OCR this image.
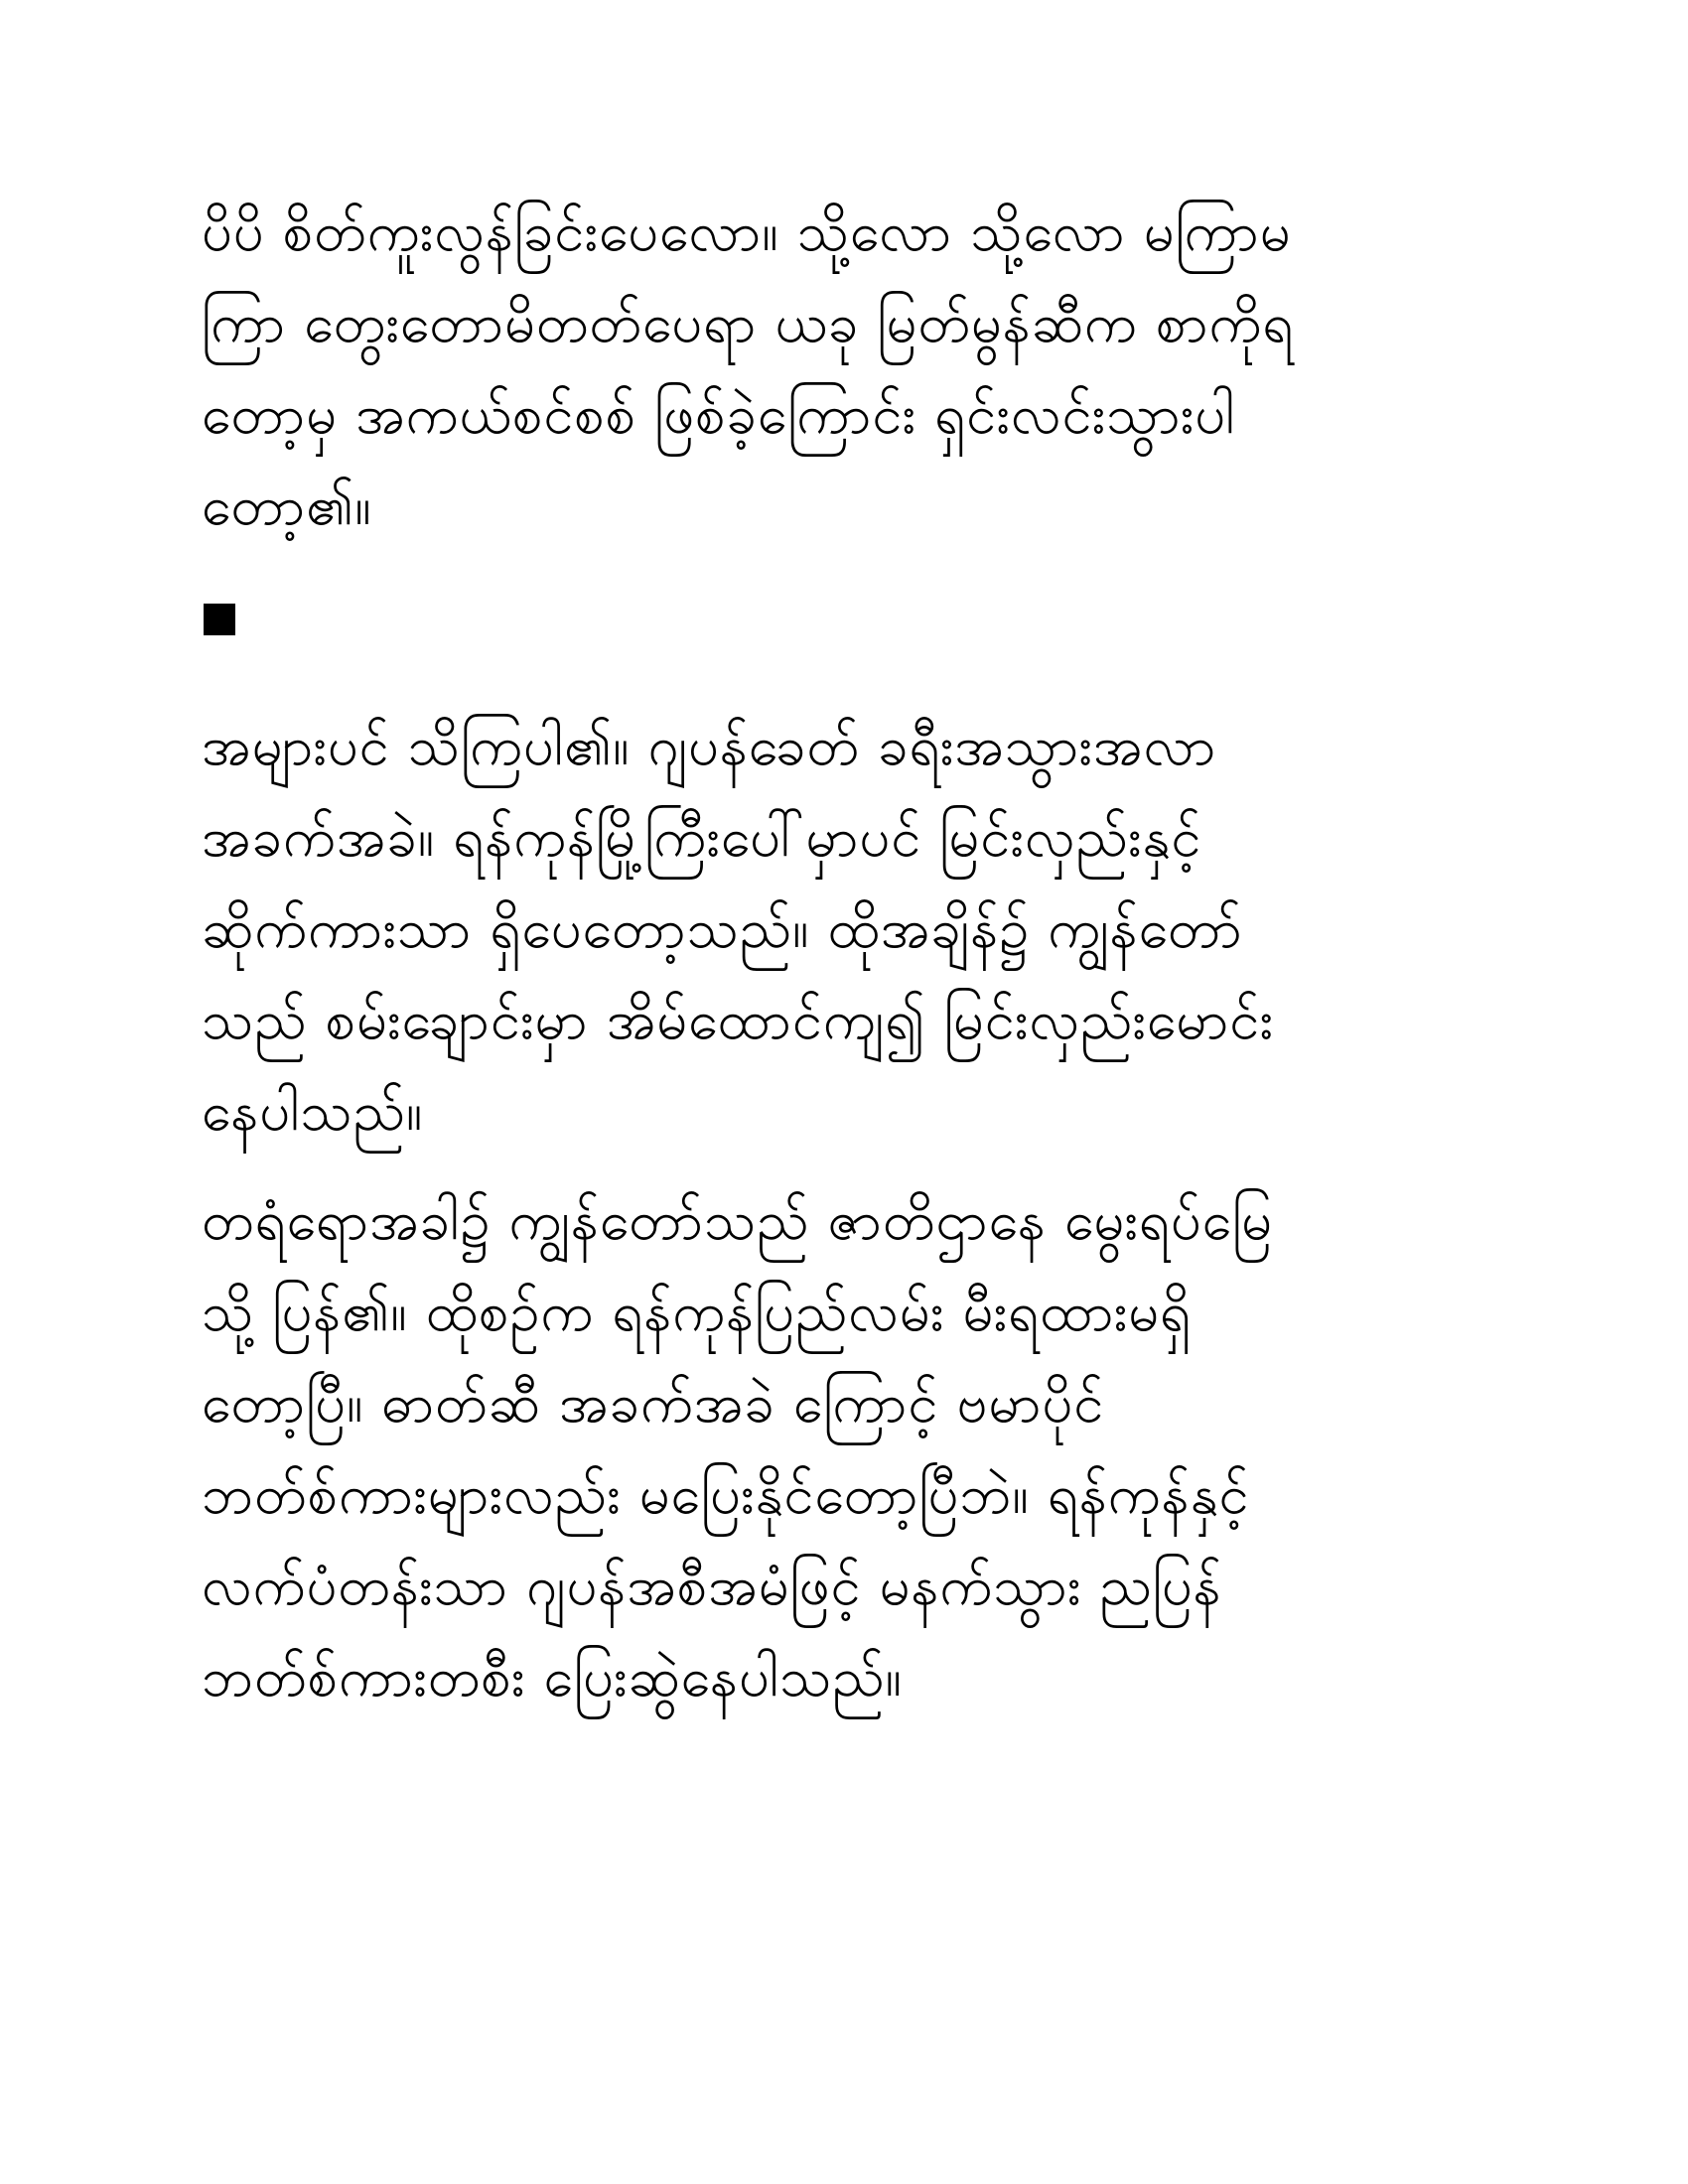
ပိပိ စိတ်ကူးလွန်ခြင်းပေလော။ သို့လော သို့လော မကြာမ
ကြာ တွေးတောမိတတ်ပေရာ ယခု မြတ်မွန်ဆီက စာကိုရ
တော့မှ အကယ်စင်စစ် ဖြစ်ခဲ့ကြောင်း ရှင်းလင်းသွားပါ
တော့၏။
အများပင် သိကြပါ၏။ ဂျပန်ခေတ် ခရီးအသွားအလာ
အခက်အခဲ။ ရန်ကုန်မြို့ကြီးပေါ်မှာပင် မြင်းလှည်းနှင့်
ဆိုက်ကားသာ ရှိပေတော့သည်။ ထိုအချိန်၌ ကျွန်တော်
သည် စမ်းချောင်းမှာ အိမ်ထောင်ကျ၍ မြင်းလှည်းမောင်း
နေပါသည်။
တရံရောအခါ၌ ကျွန်တော်သည် ဇာတိဌာနေ မွေးရပ်မြေ
သို့ ပြန်၏။ ထိုစဉ်က ရန်ကုန်ပြည်လမ်း မီးရထားမရှိ
တော့ပြီ။ ဓာတ်ဆီ အခက်အခဲ ကြောင့် ဗမာပိုင်
ဘတ်စ်ကားများလည်း မပြေးနိုင်တော့ပြီဘဲ။ ရန်ကုန်နှင့်
လက်ပံတန်းသာ ဂျပန်အစီအမံဖြင့် မနက်သွား ညပြန်
ဘတ်စ်ကားတစီး ပြေးဆွဲနေပါသည်။
